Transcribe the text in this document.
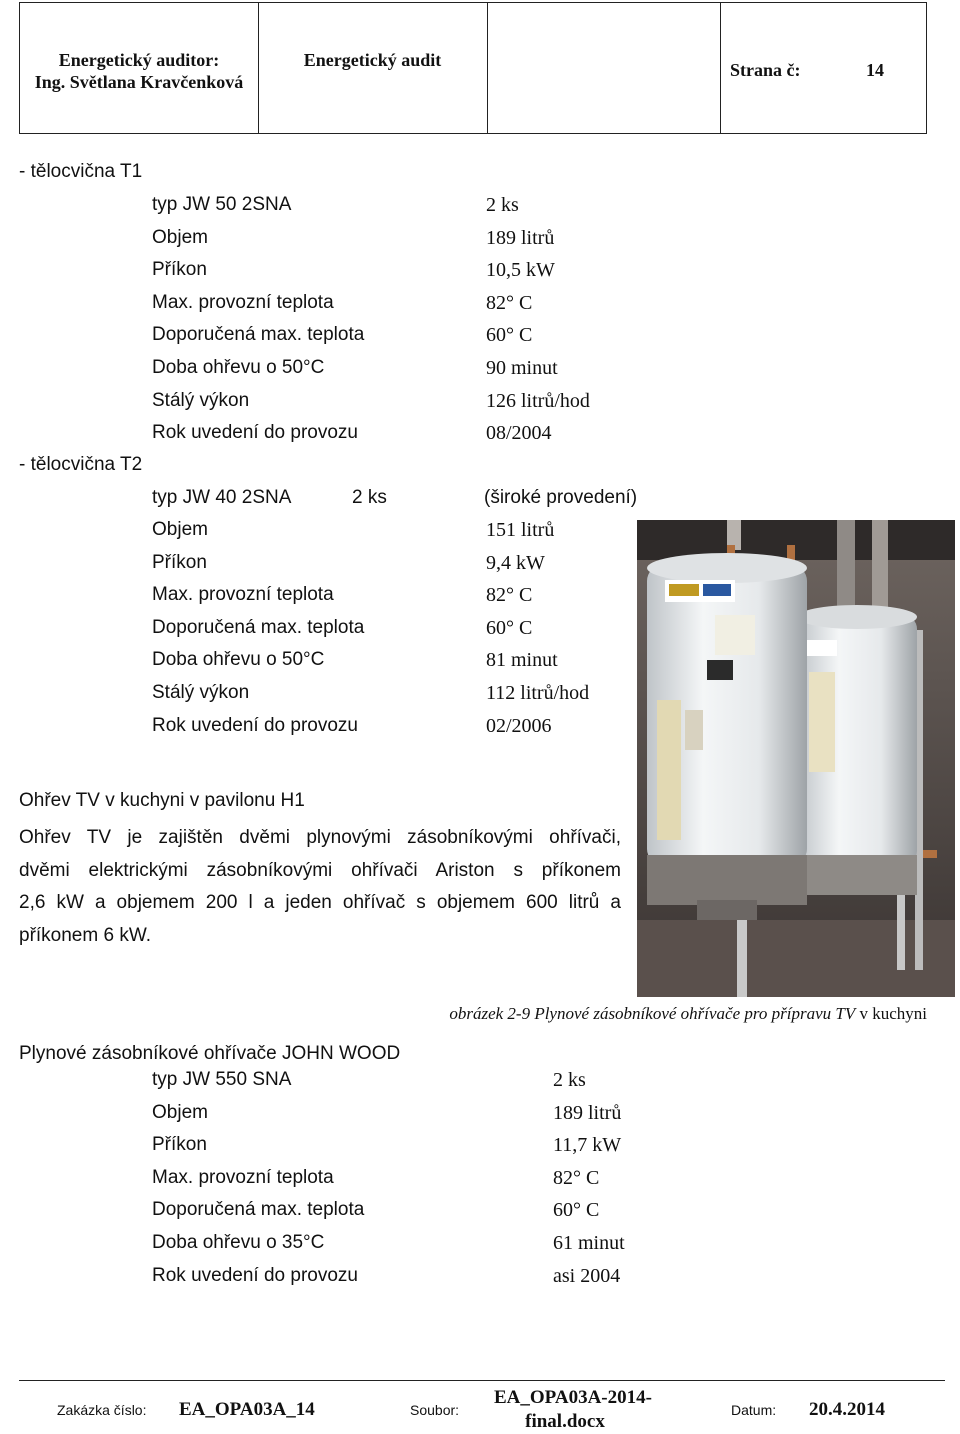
Energetický auditor:
Ing. Světlana Kravčenková
Energetický audit	Strana č:	14
- tělocvična T1
typ JW 50 2SNA	2 ks
Objem	189 litrů
Příkon	10,5 kW
Max. provozní teplota	82° C
Doporučená max. teplota	60° C
Doba ohřevu o 50°C	90 minut
Stálý výkon	126 litrů/hod
Rok uvedení do provozu	08/2004
- tělocvična T2
typ JW 40 2SNA	2 ks	(široké provedení)
Objem	151 litrů
Příkon	9,4 kW
Max. provozní teplota	82° C
Doporučená max. teplota	60° C
Doba ohřevu o 50°C	81 minut
Stálý výkon	112 litrů/hod
Rok uvedení do provozu	02/2006
Ohřev TV v kuchyni v pavilonu H1
Ohřev TV je zajištěn dvěmi plynovými zásobníkovými ohřívači,
dvěmi elektrickými zásobníkovými ohřívači Ariston s příkonem
2,6 kW a objemem 200 l a jeden ohřívač s objemem 600 litrů a
příkonem 6 kW.
obrázek 2-9 Plynové zásobníkové ohřívače pro přípravu TV v kuchyni
Plynové zásobníkové ohřívače JOHN WOOD
typ JW 550 SNA	2 ks
Objem	189 litrů
Příkon	11,7 kW
Max. provozní teplota	82° C
Doporučená max. teplota	60° C
Doba ohřevu o 35°C	61 minut
Rok uvedení do provozu	asi 2004
Zakázka číslo: EA_OPA03A_14	Soubor:
EA_OPA03A-2014-
final.docx
Datum: 20.4.2014
